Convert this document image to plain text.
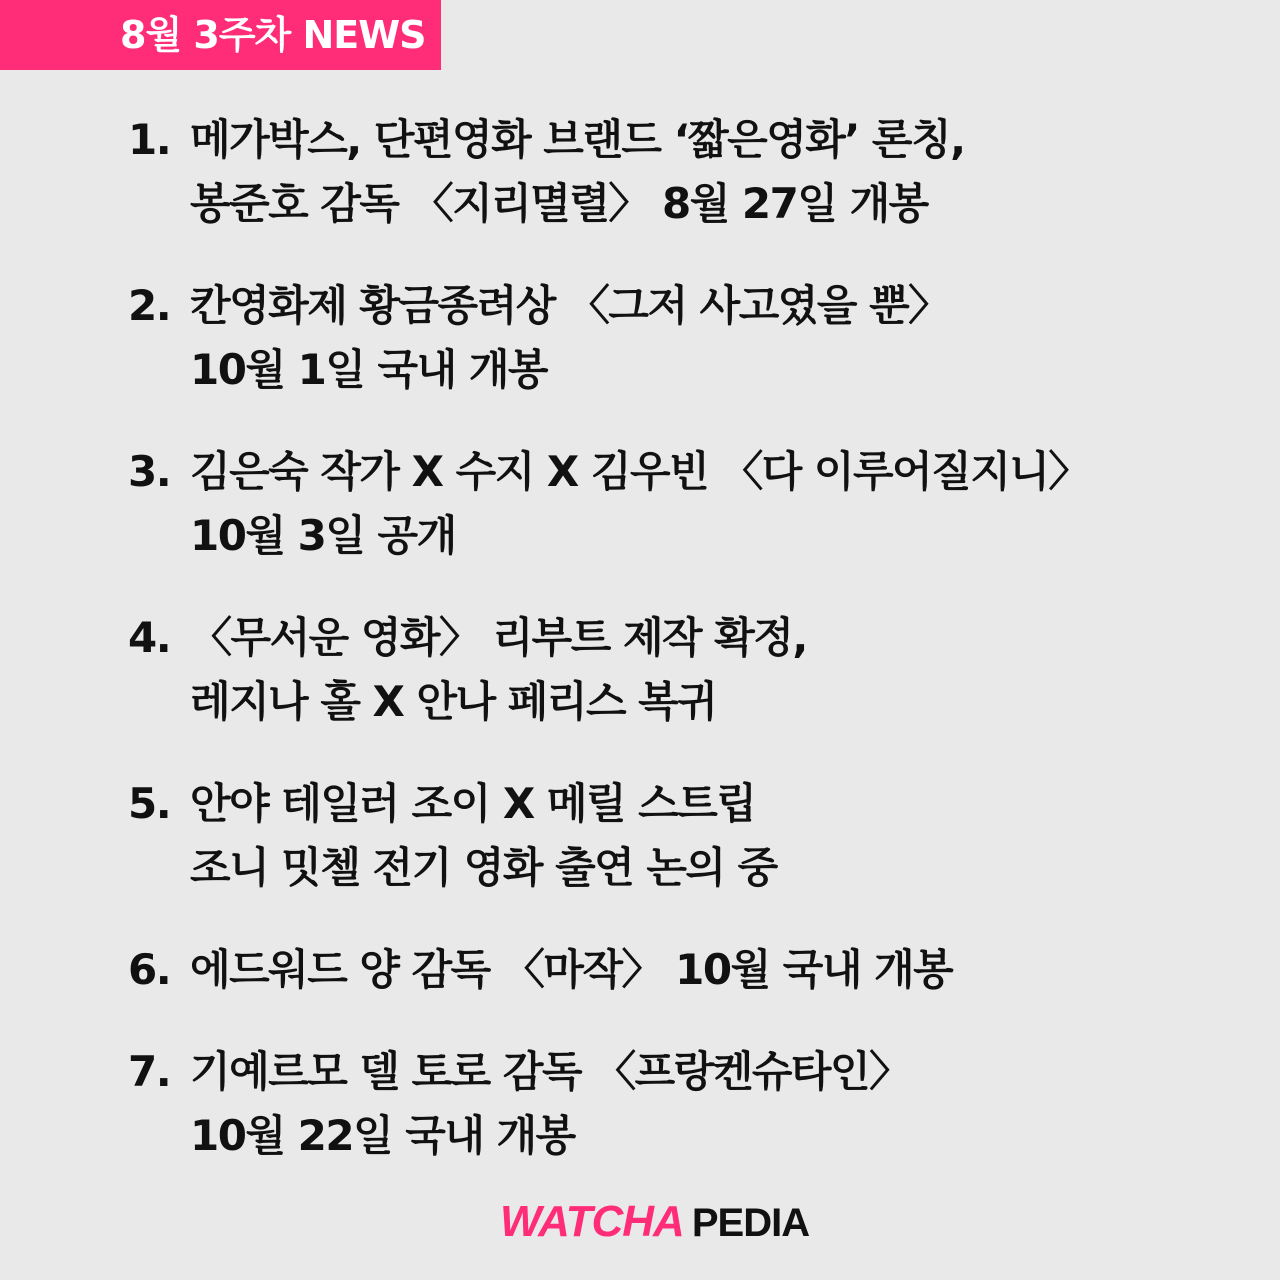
8월 3주차 NEWS
1. 메가박스, 단편영화 브랜드 ‘짧은영화’ 론칭,
봉준호 감독 〈지리멸렬〉 8월 27일 개봉
2. 칸영화제 황금종려상 〈그저 사고였을 뿐〉
10월 1일 국내 개봉
3. 김은숙 작가 X 수지 X 김우빈 〈다 이루어질지니〉
10월 3일 공개
4. 〈무서운 영화〉 리부트 제작 확정,
레지나 홀 X 안나 페리스 복귀
5. 안야 테일러 조이 X 메릴 스트립
조니 밋첼 전기 영화 출연 논의 중
6. 에드워드 양 감독 〈마작〉 10월 국내 개봉
7. 기예르모 델 토로 감독 〈프랑켄슈타인〉
10월 22일 국내 개봉
WATCHA PEDIA
